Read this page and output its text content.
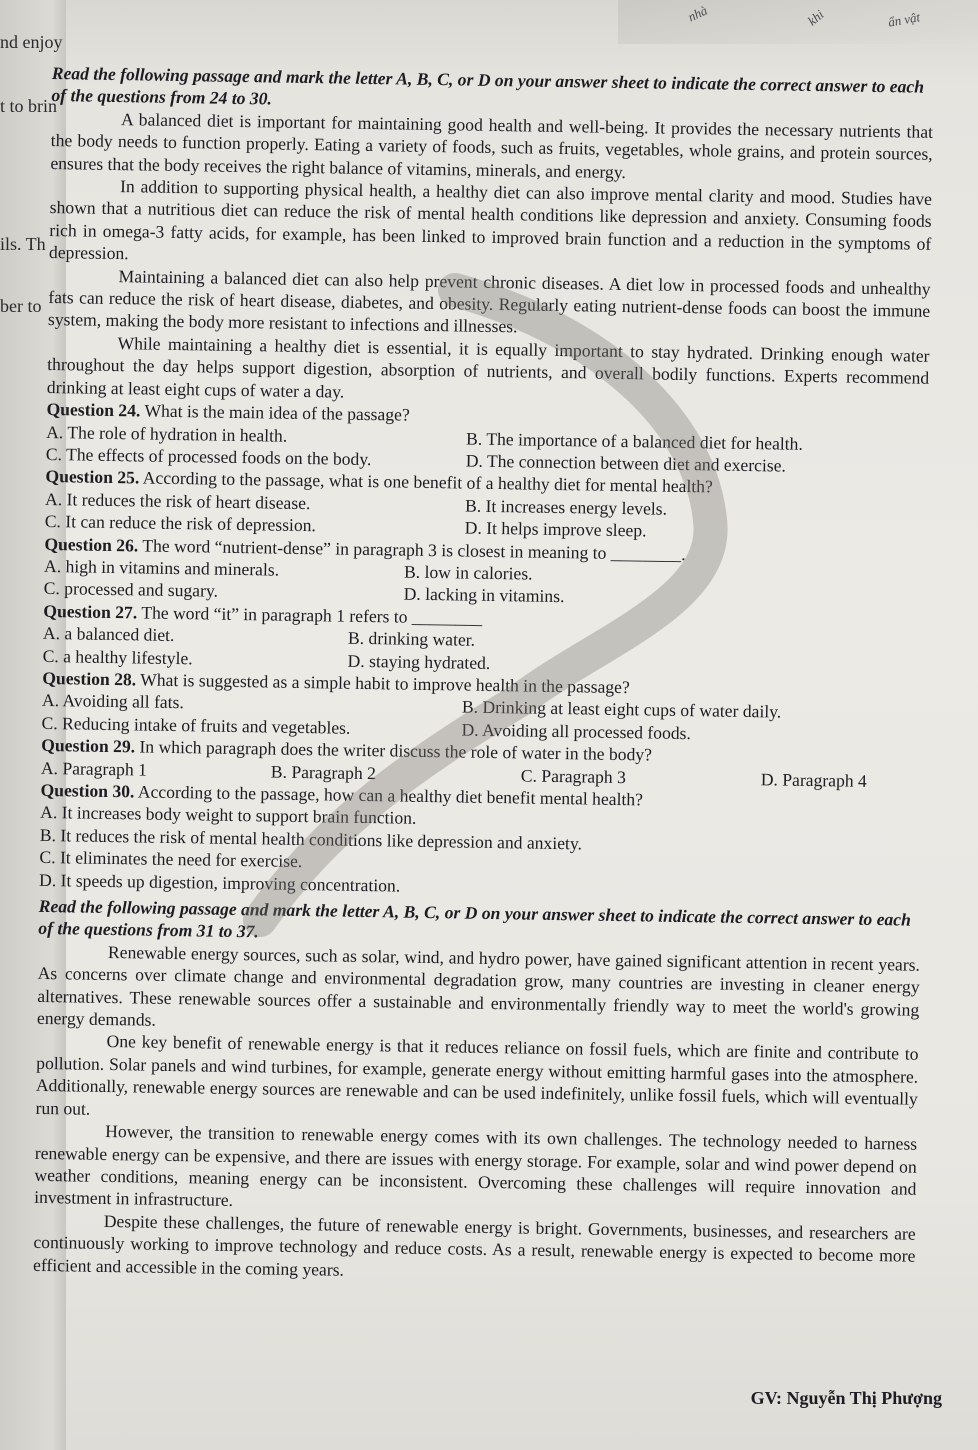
nd enjoy
t to brin
ils. Th
ber to
nhà	khi	ẩn vật

Read the following passage and mark the letter A, B, C, or D on your answer sheet to indicate the correct answer to each of the questions from 24 to 30.

A balanced diet is important for maintaining good health and well-being. It provides the necessary nutrients that the body needs to function properly. Eating a variety of foods, such as fruits, vegetables, whole grains, and protein sources, ensures that the body receives the right balance of vitamins, minerals, and energy.

In addition to supporting physical health, a healthy diet can also improve mental clarity and mood. Studies have shown that a nutritious diet can reduce the risk of mental health conditions like depression and anxiety. Consuming foods rich in omega-3 fatty acids, for example, has been linked to improved brain function and a reduction in the symptoms of depression.

Maintaining a balanced diet can also help prevent chronic diseases. A diet low in processed foods and unhealthy fats can reduce the risk of heart disease, diabetes, and obesity. Regularly eating nutrient-dense foods can boost the immune system, making the body more resistant to infections and illnesses.

While maintaining a healthy diet is essential, it is equally important to stay hydrated. Drinking enough water throughout the day helps support digestion, absorption of nutrients, and overall bodily functions. Experts recommend drinking at least eight cups of water a day.

Question 24. What is the main idea of the passage?

A. The role of hydration in health.	B. The importance of a balanced diet for health.
C. The effects of processed foods on the body.	D. The connection between diet and exercise.

Question 25. According to the passage, what is one benefit of a healthy diet for mental health?

A. It reduces the risk of heart disease.	B. It increases energy levels.
C. It can reduce the risk of depression.	D. It helps improve sleep.

Question 26. The word “nutrient-dense” in paragraph 3 is closest in meaning to ________.

A. high in vitamins and minerals.	B. low in calories.
C. processed and sugary.	D. lacking in vitamins.

Question 27. The word “it” in paragraph 1 refers to ________

A. a balanced diet.	B. drinking water.
C. a healthy lifestyle.	D. staying hydrated.

Question 28. What is suggested as a simple habit to improve health in the passage?

A. Avoiding all fats.	B. Drinking at least eight cups of water daily.
C. Reducing intake of fruits and vegetables.	D. Avoiding all processed foods.

Question 29. In which paragraph does the writer discuss the role of water in the body?

A. Paragraph 1	B. Paragraph 2	C. Paragraph 3	D. Paragraph 4

Question 30. According to the passage, how can a healthy diet benefit mental health?

A. It increases body weight to support brain function.

B. It reduces the risk of mental health conditions like depression and anxiety.

C. It eliminates the need for exercise.

D. It speeds up digestion, improving concentration.

Read the following passage and mark the letter A, B, C, or D on your answer sheet to indicate the correct answer to each of the questions from 31 to 37.

Renewable energy sources, such as solar, wind, and hydro power, have gained significant attention in recent years. As concerns over climate change and environmental degradation grow, many countries are investing in cleaner energy alternatives. These renewable sources offer a sustainable and environmentally friendly way to meet the world's growing energy demands.

One key benefit of renewable energy is that it reduces reliance on fossil fuels, which are finite and contribute to pollution. Solar panels and wind turbines, for example, generate energy without emitting harmful gases into the atmosphere. Additionally, renewable energy sources are renewable and can be used indefinitely, unlike fossil fuels, which will eventually run out.

However, the transition to renewable energy comes with its own challenges. The technology needed to harness renewable energy can be expensive, and there are issues with energy storage. For example, solar and wind power depend on weather conditions, meaning energy can be inconsistent. Overcoming these challenges will require innovation and investment in infrastructure.

Despite these challenges, the future of renewable energy is bright. Governments, businesses, and researchers are continuously working to improve technology and reduce costs. As a result, renewable energy is expected to become more efficient and accessible in the coming years.

GV: Nguyễn Thị Phượng
